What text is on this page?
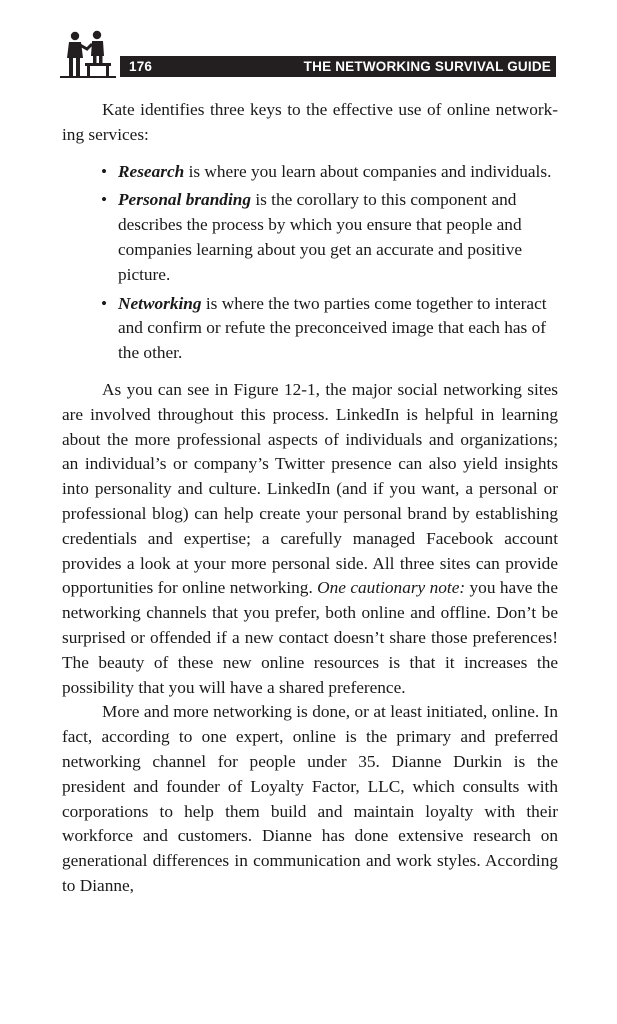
176	THE NETWORKING SURVIVAL GUIDE

Kate identifies three keys to the effective use of online networking services:

• Research is where you learn about companies and individuals.
• Personal branding is the corollary to this component and describes the process by which you ensure that people and companies learning about you get an accurate and positive picture.
• Networking is where the two parties come together to interact and confirm or refute the preconceived image that each has of the other.

As you can see in Figure 12-1, the major social networking sites are involved throughout this process. LinkedIn is helpful in learning about the more professional aspects of individuals and organizations; an individual’s or company’s Twitter presence can also yield insights into personality and culture. LinkedIn (and if you want, a personal or professional blog) can help create your personal brand by establishing credentials and expertise; a carefully managed Facebook account provides a look at your more personal side. All three sites can provide opportunities for online networking. One cautionary note: you have the networking channels that you prefer, both online and offline. Don’t be surprised or offended if a new contact doesn’t share those preferences! The beauty of these new online resources is that it increases the possibility that you will have a shared preference.

More and more networking is done, or at least initiated, online. In fact, according to one expert, online is the primary and preferred networking channel for people under 35. Dianne Durkin is the president and founder of Loyalty Factor, LLC, which consults with corporations to help them build and maintain loyalty with their workforce and customers. Dianne has done extensive research on generational differences in communication and work styles. According to Dianne,
